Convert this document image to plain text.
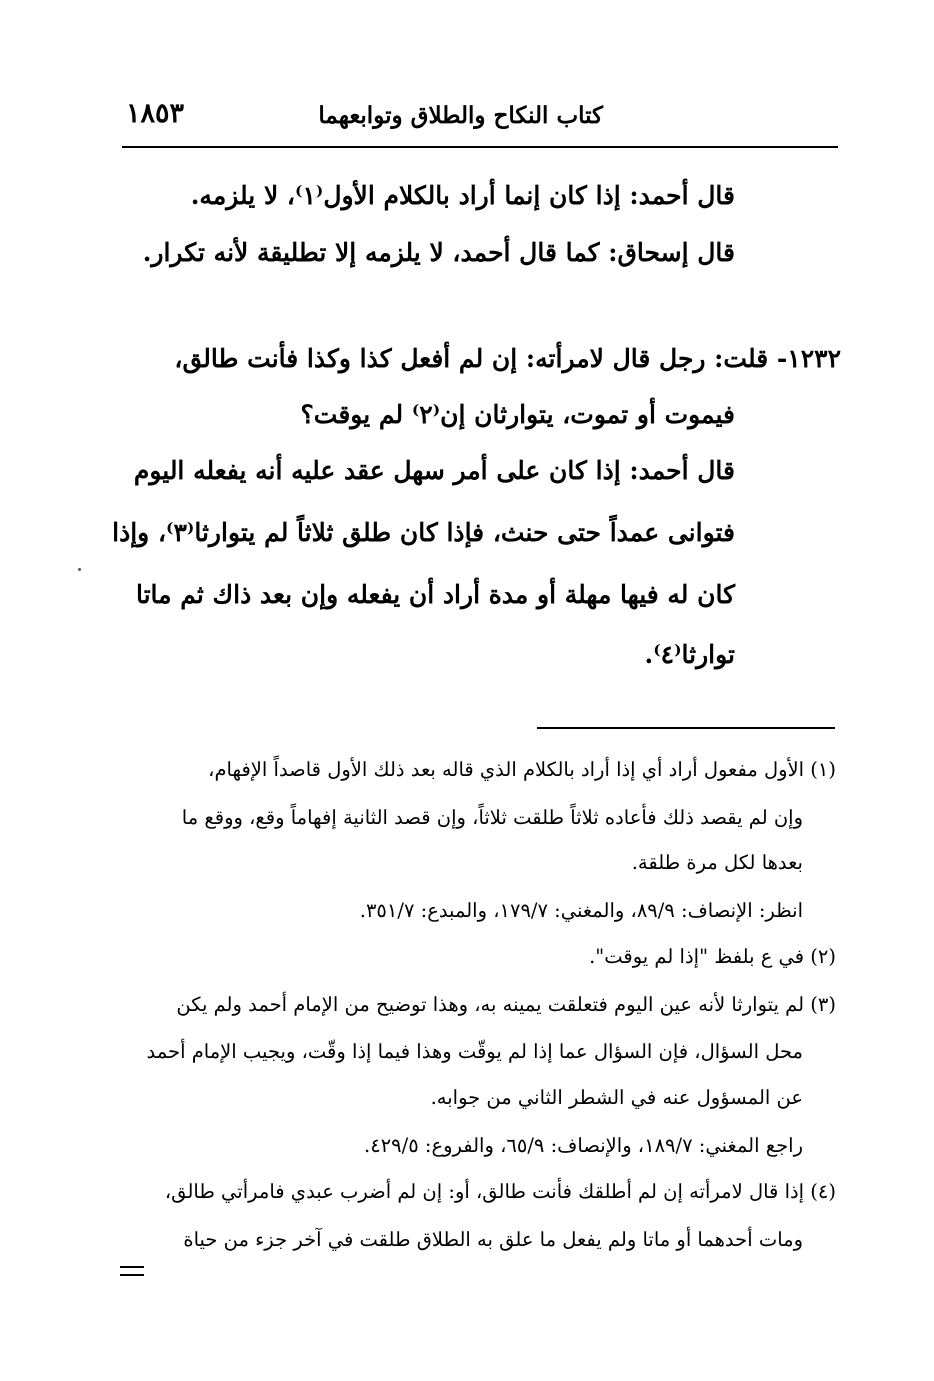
كتاب النكاح والطلاق وتوابعهما
١٨٥٣
قال أحمد: إذا كان إنما أراد بالكلام الأول⁽١⁾، لا يلزمه.
قال إسحاق: كما قال أحمد، لا يلزمه إلا تطليقة لأنه تكرار.
١٢٣٢- قلت: رجل قال لامرأته: إن لم أفعل كذا وكذا فأنت طالق،
فيموت أو تموت، يتوارثان إن⁽٢⁾ لم يوقت؟
قال أحمد: إذا كان على أمر سهل عقد عليه أنه يفعله اليوم
فتوانى عمداً حتى حنث، فإذا كان طلق ثلاثاً لم يتوارثا⁽٣⁾، وإذا
كان له فيها مهلة أو مدة أراد أن يفعله وإن بعد ذاك ثم ماتا
توارثا⁽٤⁾.
(١) الأول مفعول أراد أي إذا أراد بالكلام الذي قاله بعد ذلك الأول قاصداً الإفهام،
وإن لم يقصد ذلك فأعاده ثلاثاً طلقت ثلاثاً، وإن قصد الثانية إفهاماً وقع، ووقع ما
بعدها لكل مرة طلقة.
انظر: الإنصاف: ٨٩/٩، والمغني: ١٧٩/٧، والمبدع: ٣٥١/٧.
(٢) في ع بلفظ "إذا لم يوقت".
(٣) لم يتوارثا لأنه عين اليوم فتعلقت يمينه به، وهذا توضيح من الإمام أحمد ولم يكن
محل السؤال، فإن السؤال عما إذا لم يوقّت وهذا فيما إذا وقّت، ويجيب الإمام أحمد
عن المسؤول عنه في الشطر الثاني من جوابه.
راجع المغني: ١٨٩/٧، والإنصاف: ٦٥/٩، والفروع: ٤٢٩/٥.
(٤) إذا قال لامرأته إن لم أطلقك فأنت طالق، أو: إن لم أضرب عبدي فامرأتي طالق،
ومات أحدهما أو ماتا ولم يفعل ما علق به الطلاق طلقت في آخر جزء من حياة
